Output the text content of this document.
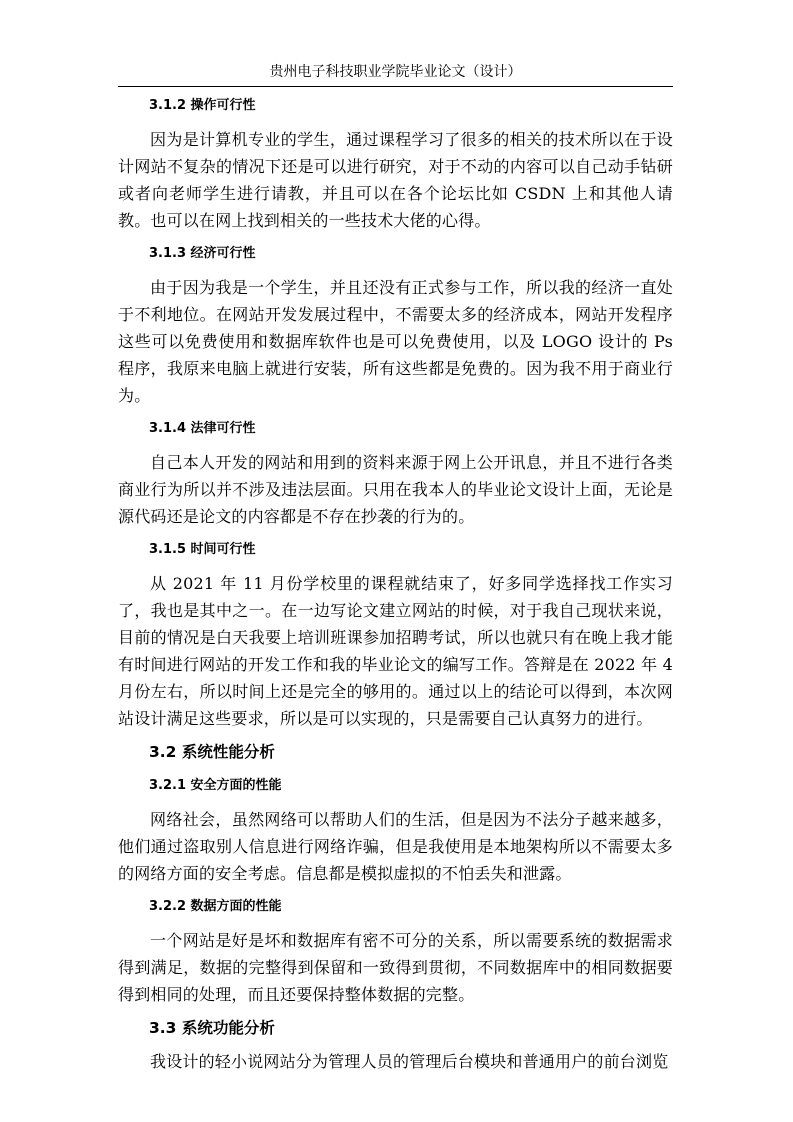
贵州电子科技职业学院毕业论文（设计）
3.1.2 操作可行性

因为是计算机专业的学生，通过课程学习了很多的相关的技术所以在于设计网站不复杂的情况下还是可以进行研究，对于不动的内容可以自己动手钻研或者向老师学生进行请教，并且可以在各个论坛比如 CSDN 上和其他人请教。也可以在网上找到相关的一些技术大佬的心得。

3.1.3 经济可行性

由于因为我是一个学生，并且还没有正式参与工作，所以我的经济一直处于不利地位。在网站开发发展过程中，不需要太多的经济成本，网站开发程序这些可以免费使用和数据库软件也是可以免费使用，以及 LOGO 设计的 Ps 程序，我原来电脑上就进行安装，所有这些都是免费的。因为我不用于商业行为。

3.1.4 法律可行性

自己本人开发的网站和用到的资料来源于网上公开讯息，并且不进行各类商业行为所以并不涉及违法层面。只用在我本人的毕业论文设计上面，无论是源代码还是论文的内容都是不存在抄袭的行为的。

3.1.5 时间可行性

从 2021 年 11 月份学校里的课程就结束了，好多同学选择找工作实习了，我也是其中之一。在一边写论文建立网站的时候，对于我自己现状来说，目前的情况是白天我要上培训班课参加招聘考试，所以也就只有在晚上我才能有时间进行网站的开发工作和我的毕业论文的编写工作。答辩是在 2022 年 4 月份左右，所以时间上还是完全的够用的。通过以上的结论可以得到，本次网站设计满足这些要求，所以是可以实现的，只是需要自己认真努力的进行。

3.2 系统性能分析
3.2.1 安全方面的性能

网络社会，虽然网络可以帮助人们的生活，但是因为不法分子越来越多，他们通过盗取别人信息进行网络诈骗，但是我使用是本地架构所以不需要太多的网络方面的安全考虑。信息都是模拟虚拟的不怕丢失和泄露。

3.2.2 数据方面的性能

一个网站是好是坏和数据库有密不可分的关系，所以需要系统的数据需求得到满足，数据的完整得到保留和一致得到贯彻，不同数据库中的相同数据要得到相同的处理，而且还要保持整体数据的完整。

3.3 系统功能分析

我设计的轻小说网站分为管理人员的管理后台模块和普通用户的前台浏览
